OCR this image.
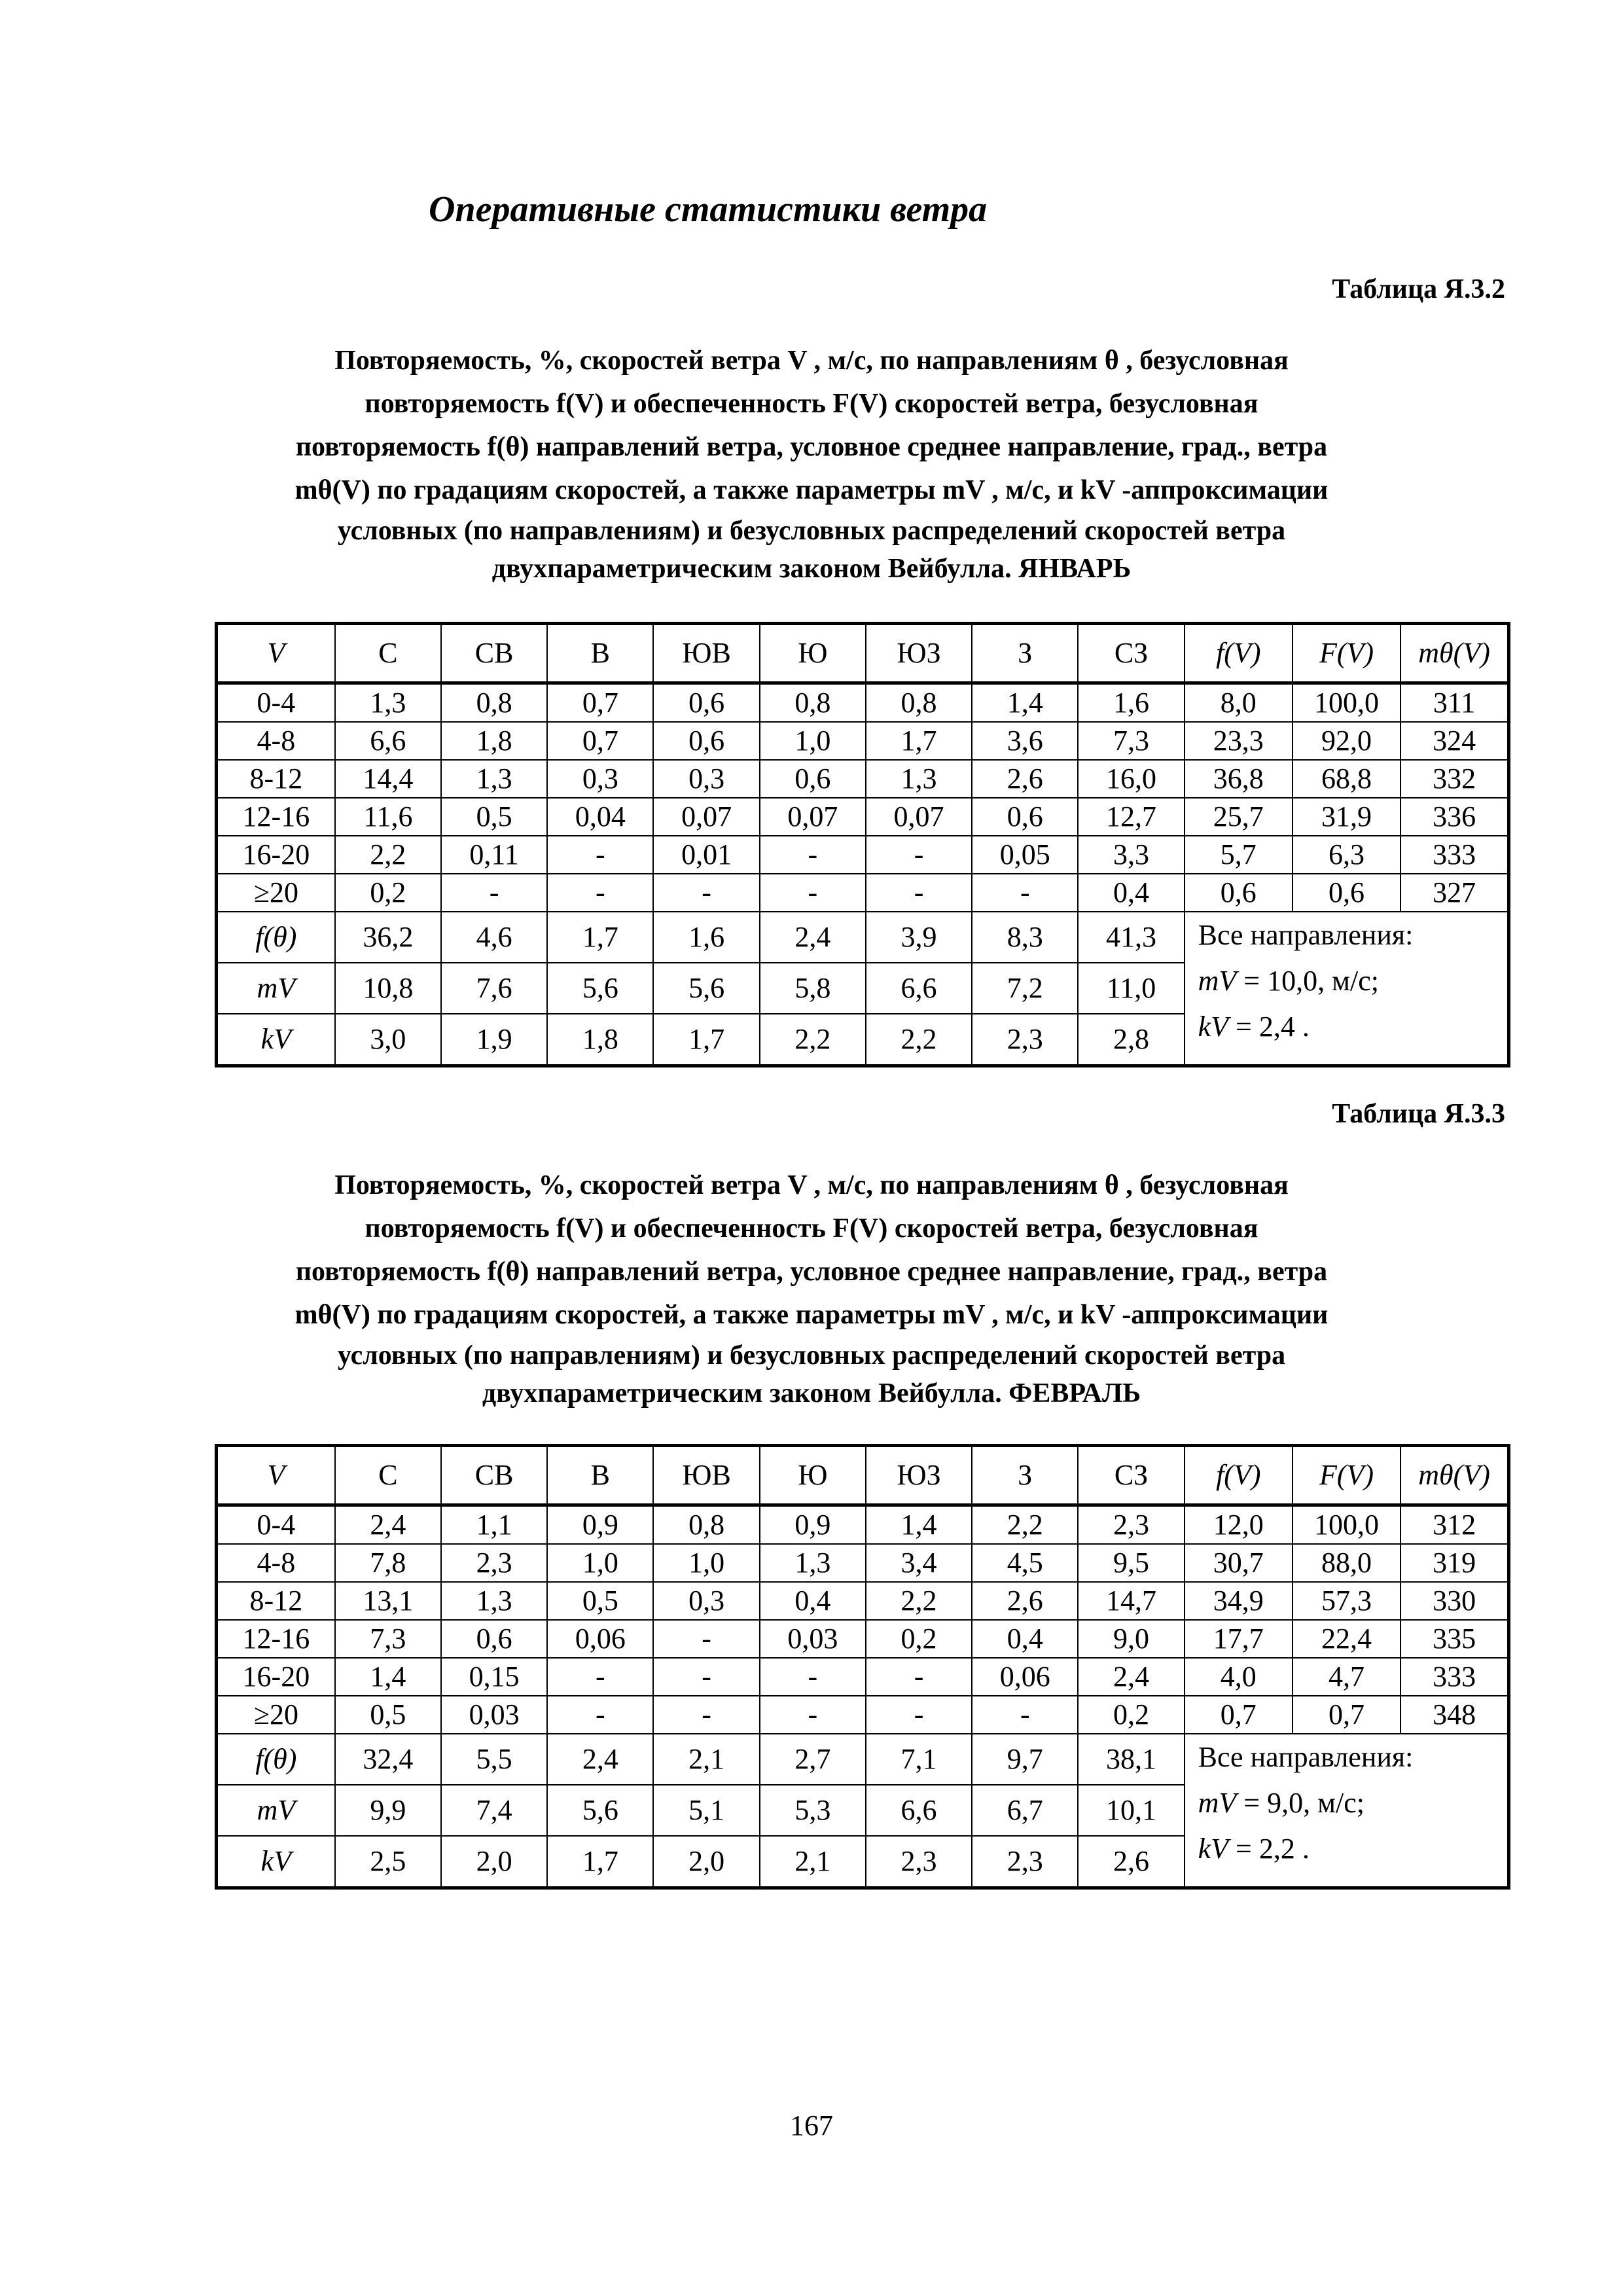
Оперативные статистики ветра
Таблица Я.3.2
Повторяемость, %, скоростей ветра V , м/с, по направлениям θ , безусловная
повторяемость f(V) и обеспеченность F(V) скоростей ветра, безусловная
повторяемость f(θ) направлений ветра, условное среднее направление, град., ветра
mθ(V) по градациям скоростей, а также параметры mV , м/с, и kV -аппроксимации
условных (по направлениям) и безусловных распределений скоростей ветра
двухпараметрическим законом Вейбулла. ЯНВАРЬ
V	С	СВ	В	ЮВ	Ю	ЮЗ	З	СЗ	f(V)	F(V)	mθ(V)
0-4	1,3	0,8	0,7	0,6	0,8	0,8	1,4	1,6	8,0	100,0	311
4-8	6,6	1,8	0,7	0,6	1,0	1,7	3,6	7,3	23,3	92,0	324
8-12	14,4	1,3	0,3	0,3	0,6	1,3	2,6	16,0	36,8	68,8	332
12-16	11,6	0,5	0,04	0,07	0,07	0,07	0,6	12,7	25,7	31,9	336
16-20	2,2	0,11	-	0,01	-	-	0,05	3,3	5,7	6,3	333
≥20	0,2	-	-	-	-	-	-	0,4	0,6	0,6	327
f(θ)	36,2	4,6	1,7	1,6	2,4	3,9	8,3	41,3	Все направления:
mV = 10,0, м/с;
kV = 2,4 .		

mV	10,8	7,6	5,6	5,6	5,8	6,6	7,2	11,0			
kV	3,0	1,9	1,8	1,7	2,2	2,2	2,3	2,8			
Таблица Я.3.3
Повторяемость, %, скоростей ветра V , м/с, по направлениям θ , безусловная
повторяемость f(V) и обеспеченность F(V) скоростей ветра, безусловная
повторяемость f(θ) направлений ветра, условное среднее направление, град., ветра
mθ(V) по градациям скоростей, а также параметры mV , м/с, и kV -аппроксимации
условных (по направлениям) и безусловных распределений скоростей ветра
двухпараметрическим законом Вейбулла. ФЕВРАЛЬ
V	С	СВ	В	ЮВ	Ю	ЮЗ	З	СЗ	f(V)	F(V)	mθ(V)
0-4	2,4	1,1	0,9	0,8	0,9	1,4	2,2	2,3	12,0	100,0	312
4-8	7,8	2,3	1,0	1,0	1,3	3,4	4,5	9,5	30,7	88,0	319
8-12	13,1	1,3	0,5	0,3	0,4	2,2	2,6	14,7	34,9	57,3	330
12-16	7,3	0,6	0,06	-	0,03	0,2	0,4	9,0	17,7	22,4	335
16-20	1,4	0,15	-	-	-	-	0,06	2,4	4,0	4,7	333
≥20	0,5	0,03	-	-	-	-	-	0,2	0,7	0,7	348
f(θ)	32,4	5,5	2,4	2,1	2,7	7,1	9,7	38,1	Все направления:
mV = 9,0, м/с;
kV = 2,2 .		

mV	9,9	7,4	5,6	5,1	5,3	6,6	6,7	10,1			
kV	2,5	2,0	1,7	2,0	2,1	2,3	2,3	2,6			
167
